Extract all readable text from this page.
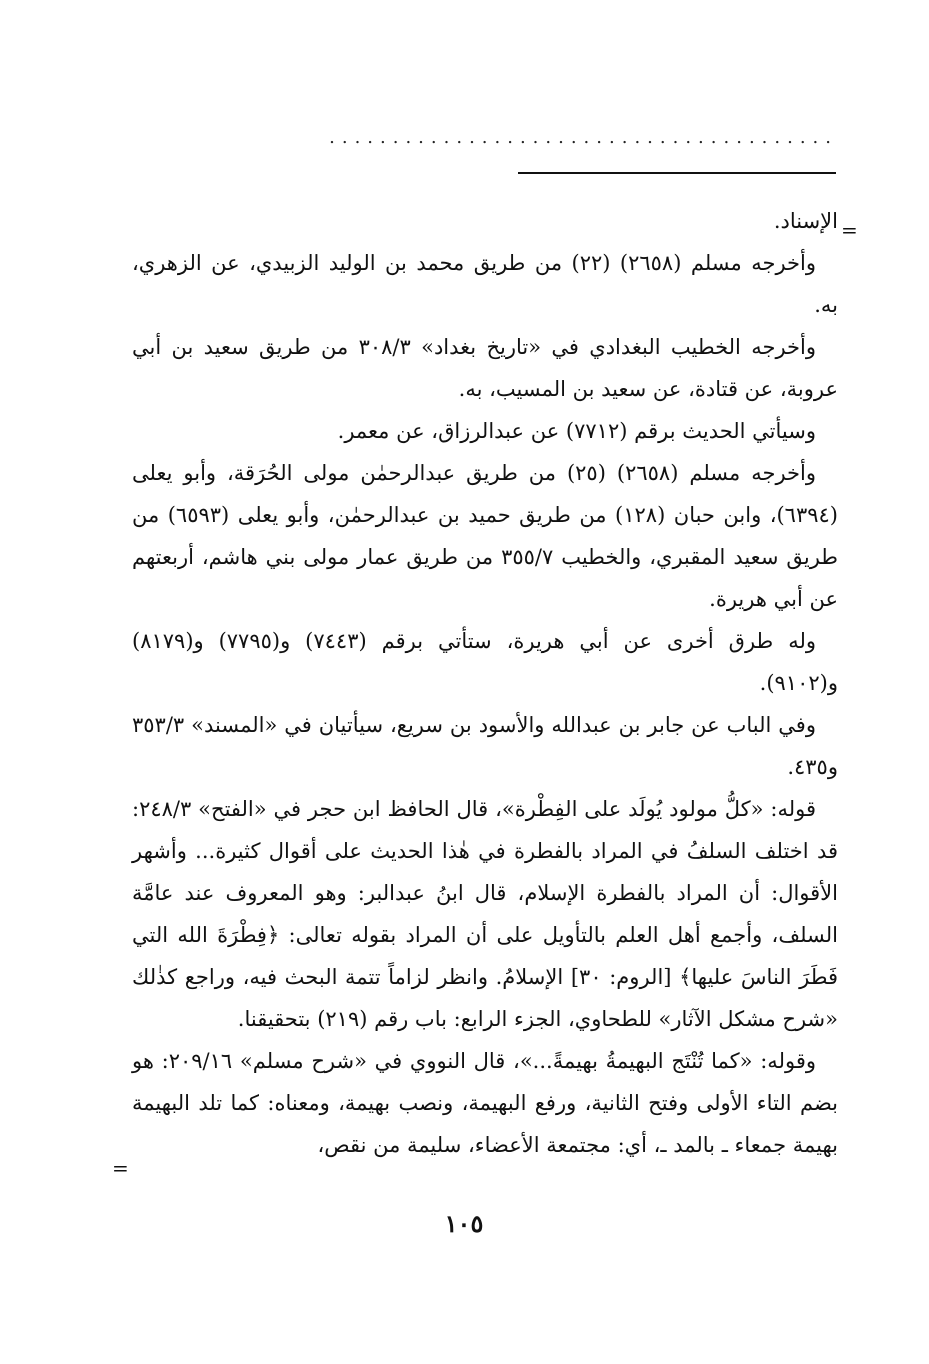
........................................
=

الإسناد.

وأخرجه مسلم (٢٦٥٨) (٢٢) من طريق محمد بن الوليد الزبيدي، عن الزهري، به.

وأخرجه الخطيب البغدادي في «تاريخ بغداد» ٣٠٨/٣ من طريق سعيد بن أبي عروبة، عن قتادة، عن سعيد بن المسيب، به.

وسيأتي الحديث برقم (٧٧١٢) عن عبدالرزاق، عن معمر.

وأخرجه مسلم (٢٦٥٨) (٢٥) من طريق عبدالرحمٰن مولى الحُرَقة، وأبو يعلى (٦٣٩٤)، وابن حبان (١٢٨) من طريق حميد بن عبدالرحمٰن، وأبو يعلى (٦٥٩٣) من طريق سعيد المقبري، والخطيب ٣٥٥/٧ من طريق عمار مولى بني هاشم، أربعتهم عن أبي هريرة.

وله طرق أخرى عن أبي هريرة، ستأتي برقم (٧٤٤٣) و(٧٧٩٥) و(٨١٧٩) و(٩١٠٢).

وفي الباب عن جابر بن عبدالله والأسود بن سريع، سيأتيان في «المسند» ٣٥٣/٣ و٤٣٥.

قوله: «كلُّ مولود يُولَد على الفِطْرة»، قال الحافظ ابن حجر في «الفتح» ٢٤٨/٣: قد اختلف السلفُ في المراد بالفطرة في هٰذا الحديث على أقوال كثيرة... وأشهر الأقوال: أن المراد بالفطرة الإسلام، قال ابنُ عبدالبر: وهو المعروف عند عامَّة السلف، وأجمع أهل العلم بالتأويل على أن المراد بقوله تعالى: ﴿فِطْرَةَ الله التي فَطَرَ الناسَ عليها﴾ [الروم: ٣٠] الإسلامُ. وانظر لزاماً تتمة البحث فيه، وراجع كذٰلك «شرح مشكل الآثار» للطحاوي، الجزء الرابع: باب رقم (٢١٩) بتحقيقنا.

وقوله: «كما تُنْتَج البهيمةُ بهيمةً...»، قال النووي في «شرح مسلم» ٢٠٩/١٦: هو بضم التاء الأولى وفتح الثانية، ورفع البهيمة، ونصب بهيمة، ومعناه: كما تلد البهيمة بهيمة جمعاء ـ بالمد ـ، أي: مجتمعة الأعضاء، سليمة من نقص،

=
١٠٥
